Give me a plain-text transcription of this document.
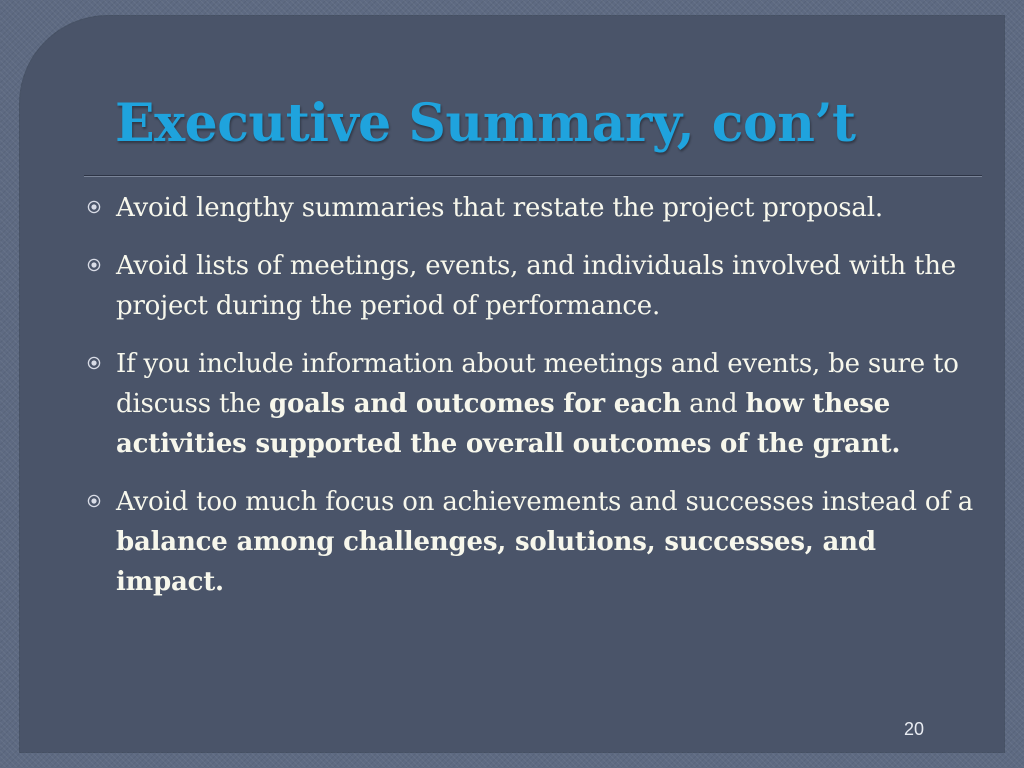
Executive Summary, con’t
Avoid lengthy summaries that restate the project proposal.
Avoid lists of meetings, events, and individuals involved with the project during the period of performance.
If you include information about meetings and events, be sure to discuss the goals and outcomes for each and how these activities supported the overall outcomes of the grant.
Avoid too much focus on achievements and successes instead of a balance among challenges, solutions, successes, and impact.
20
